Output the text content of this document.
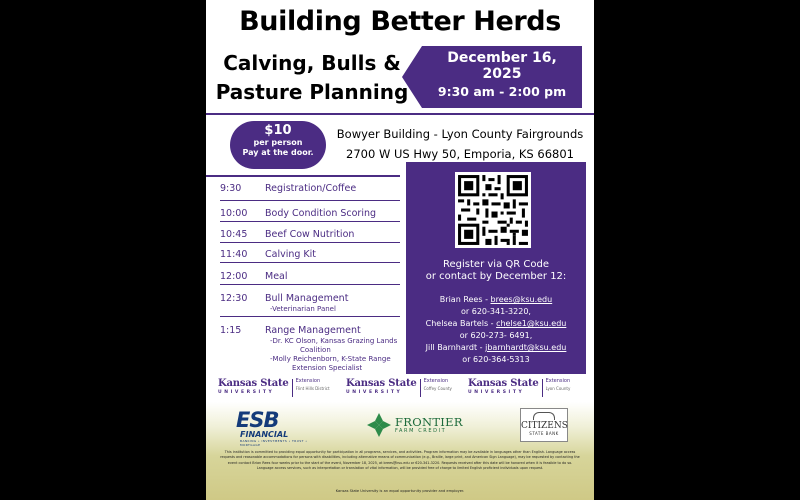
Building Better Herds
Calving, Bulls &
Pasture Planning
December 16,
2025
9:30 am - 2:00 pm
$10
per person
Pay at the door.
Bowyer Building - Lyon County Fairgrounds
2700 W US Hwy 50, Emporia, KS 66801
9:30 Registration/Coffee
10:00 Body Condition Scoring
10:45 Beef Cow Nutrition
11:40 Calving Kit
12:00 Meal
12:30 Bull Management
-Veterinarian Panel
1:15 Range Management
-Dr. KC Olson, Kansas Grazing Lands
Coalition
-Molly Reichenborn, K-State Range
Extension Specialist
Register via QR Code
or contact by December 12:
Brian Rees - brees@ksu.edu
or 620-341-3220,
Chelsea Bartels - chelse1@ksu.edu
or 620-273- 6491,
Jill Barnhardt - jbarnhardt@ksu.edu
or 620-364-5313
Kansas State
UNIVERSITY
Extension
Flint Hills District Kansas State
UNIVERSITY
Extension
Coffey County Kansas State
UNIVERSITY
Extension
Lyon County
ESB
FINANCIAL
BANKING • INVESTMENTS • TRUST • MORTGAGE
FRONTIER
FARM CREDIT	CITIZENS
STATE BANK
This institution is committed to providing equal opportunity for participation in all programs, services, and activities. Program information may be available in languages other than English. Language access requests and reasonable accommodations for persons with disabilities, including alternative means of communication (e.g., Braille, large print, and American Sign Language), may be requested by contacting the event contact Brian Rees four weeks prior to the start of the event, November 18, 2025, at brees@ksu.edu or 620-341-3220. Requests received after this date will be honored when it is feasible to do so. Language access services, such as interpretation or translation of vital information, will be provided free of charge to limited English proficient individuals upon request.
Kansas State University is an equal opportunity provider and employer.
